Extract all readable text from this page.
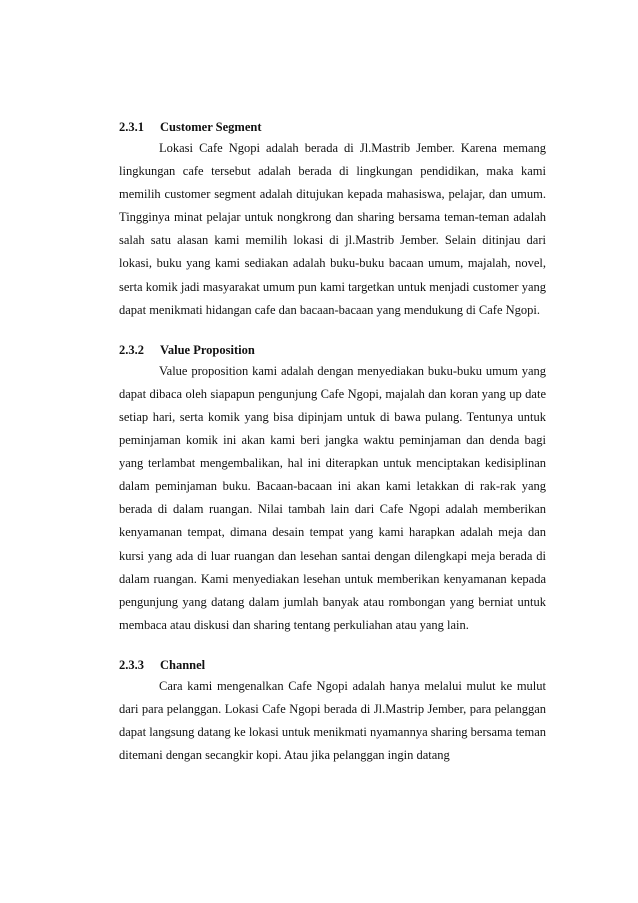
2.3.1 Customer Segment

Lokasi Cafe Ngopi adalah berada di Jl.Mastrib Jember. Karena memang lingkungan cafe tersebut adalah berada di lingkungan pendidikan, maka kami memilih customer segment adalah ditujukan kepada mahasiswa, pelajar, dan umum. Tingginya minat pelajar untuk nongkrong dan sharing bersama teman-teman adalah salah satu alasan kami memilih lokasi di jl.Mastrib Jember. Selain ditinjau dari lokasi, buku yang kami sediakan adalah buku-buku bacaan umum, majalah, novel, serta komik jadi masyarakat umum pun kami targetkan untuk menjadi customer yang dapat menikmati hidangan cafe dan bacaan-bacaan yang mendukung di Cafe Ngopi.

2.3.2 Value Proposition

Value proposition kami adalah dengan menyediakan buku-buku umum yang dapat dibaca oleh siapapun pengunjung Cafe Ngopi, majalah dan koran yang up date setiap hari, serta komik yang bisa dipinjam untuk di bawa pulang. Tentunya untuk peminjaman komik ini akan kami beri jangka waktu peminjaman dan denda bagi yang terlambat mengembalikan, hal ini diterapkan untuk menciptakan kedisiplinan dalam peminjaman buku. Bacaan-bacaan ini akan kami letakkan di rak-rak yang berada di dalam ruangan. Nilai tambah lain dari Cafe Ngopi adalah memberikan kenyamanan tempat, dimana desain tempat yang kami harapkan adalah meja dan kursi yang ada di luar ruangan dan lesehan santai dengan dilengkapi meja berada di dalam ruangan. Kami menyediakan lesehan untuk memberikan kenyamanan kepada pengunjung yang datang dalam jumlah banyak atau rombongan yang berniat untuk membaca atau diskusi dan sharing tentang perkuliahan atau yang lain.

2.3.3 Channel

Cara kami mengenalkan Cafe Ngopi adalah hanya melalui mulut ke mulut dari para pelanggan. Lokasi Cafe Ngopi berada di Jl.Mastrip Jember, para pelanggan dapat langsung datang ke lokasi untuk menikmati nyamannya sharing bersama teman ditemani dengan secangkir kopi. Atau jika pelanggan ingin datang
